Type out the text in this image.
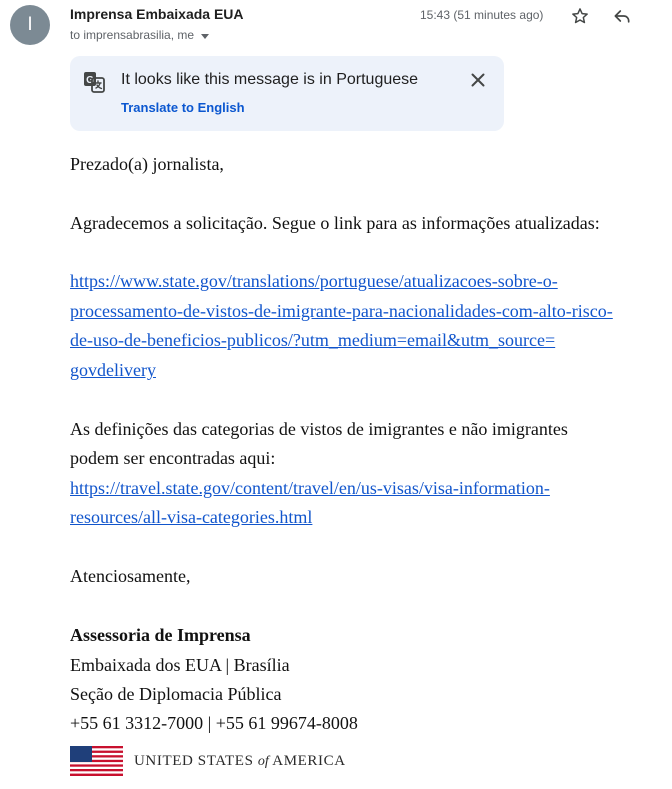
I	Imprensa Embaixada EUA
to imprensabrasilia, me
15:43 (51 minutes ago)
G It looks like this message is in Portuguese
Translate to English
Prezado(a) jornalista,
Agradecemos a solicitação. Segue o link para as informações atualizadas:
https://www.state.gov/translations/portuguese/atualizacoes-sobre-o-
processamento-de-vistos-de-imigrante-para-nacionalidades-com-alto-risco-
de-uso-de-beneficios-publicos/?utm_medium=email&utm_source=
govdelivery
As definições das categorias de vistos de imigrantes e não imigrantes
podem ser encontradas aqui:
https://travel.state.gov/content/travel/en/us-visas/visa-information-
resources/all-visa-categories.html
Atenciosamente,
Assessoria de Imprensa
Embaixada dos EUA | Brasília
Seção de Diplomacia Pública
+55 61 3312-7000 | +55 61 99674-8008
UNITED STATES of AMERICA
